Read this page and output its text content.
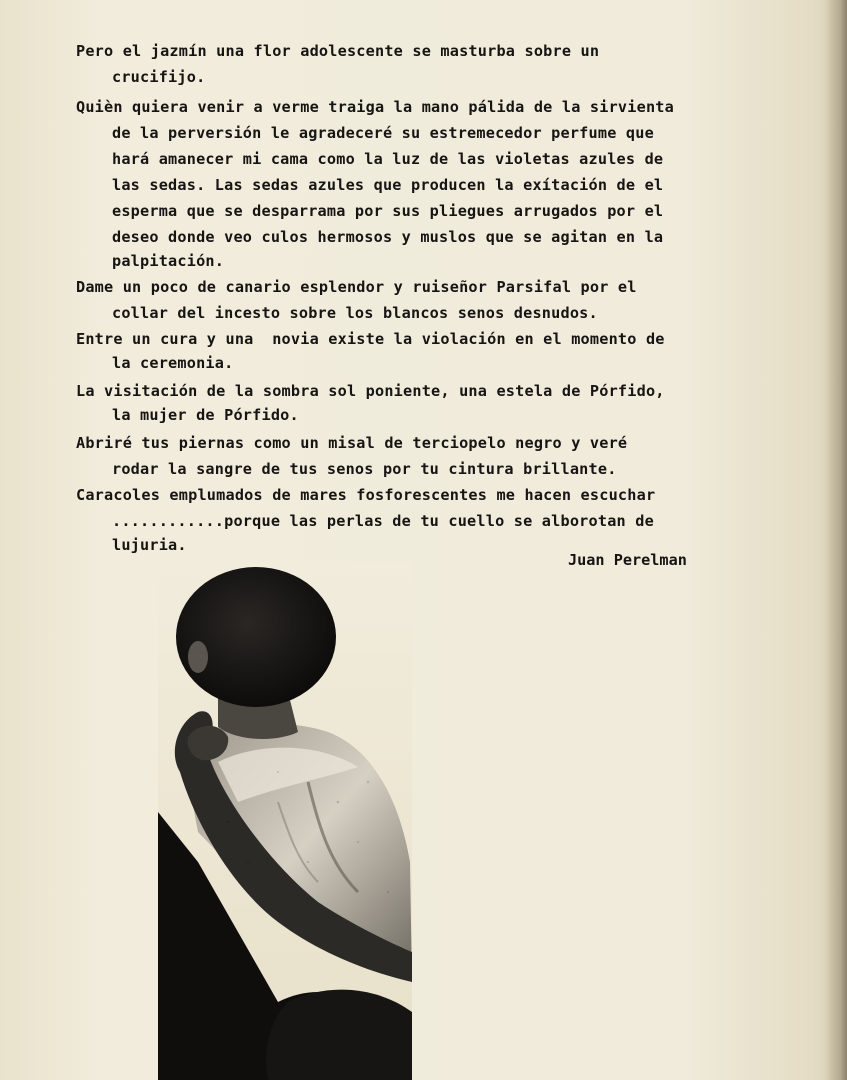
Pero el jazmín una flor adolescente se masturba sobre un
crucifijo.
Quièn quiera venir a verme traiga la mano pálida de la sirvienta
de la perversión le agradeceré su estremecedor perfume que
hará amanecer mi cama como la luz de las violetas azules de
las sedas. Las sedas azules que producen la exítación de el
esperma que se desparrama por sus pliegues arrugados por el
deseo donde veo culos hermosos y muslos que se agitan en la
palpitación.
Dame un poco de canario esplendor y ruiseñor Parsifal por el
collar del incesto sobre los blancos senos desnudos.
Entre un cura y una  novia existe la violación en el momento de
la ceremonia.
La visitación de la sombra sol poniente, una estela de Pórfido,
la mujer de Pórfido.
Abriré tus piernas como un misal de terciopelo negro y veré
rodar la sangre de tus senos por tu cintura brillante.
Caracoles emplumados de mares fosforescentes me hacen escuchar
............porque las perlas de tu cuello se alborotan de
lujuria.
Juan Perelman
